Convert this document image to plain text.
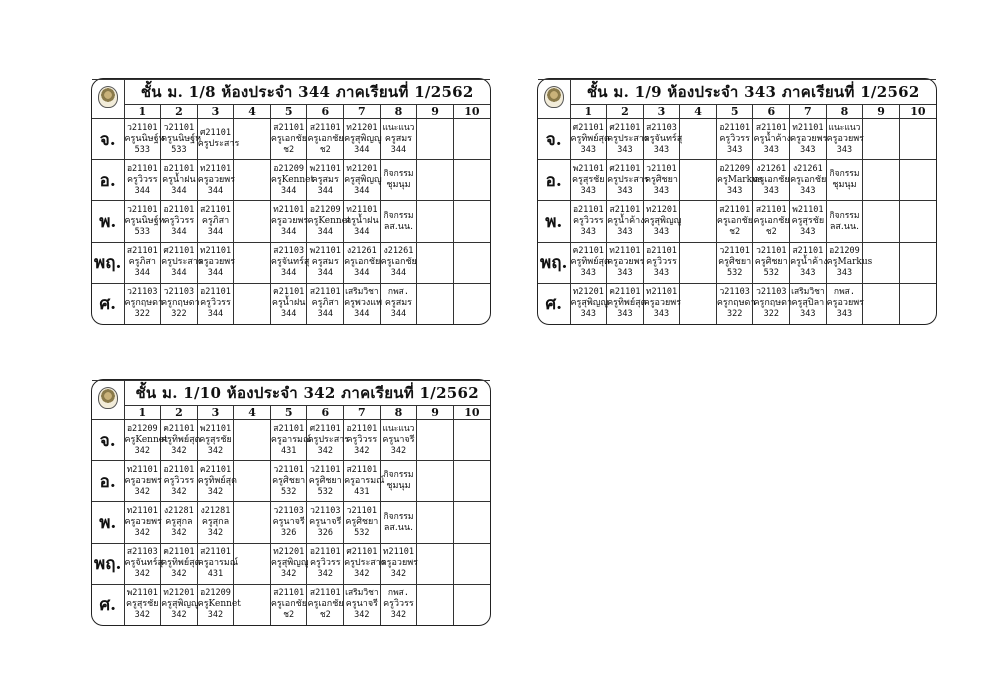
	ชั้น ม. 1/8 ห้องประจำ 344 ภาคเรียนที่ 1/2562									
	1	2	3	4	5	6	7	8	9	10
จ.	ว21101
ครูนนิษฐ์ห
533	ว21101
ครูนนิษฐ์ห
533	ศ21101
ครูประสาร		ส21101
ครูเอกชัย
ช2	ส21101
ครูเอกชัย
ช2	ท21201
ครูสุพิญญู
344	แนะแนว
ครูสมร
344		

อ.	อ21101
ครูวิวรร
344	อ21101
ครูน้ำฝน
344	ท21101
ครูอวยพร
344		อ21209
ครูKennet
344	พ21101
ครูสมร
344	ท21201
ครูสุพิญญู
344	กิจกรรม
ชุมนุม		

พ.	ว21101
ครูนนิษฐ์ห
533	อ21101
ครูวิวรร
344	ส21101
ครูภิสา
344		ท21101
ครูอวยพร
344	อ21209
ครูKennet
344	ท21101
ครูน้ำฝน
344	กิจกรรม
ลส.นน.		

พฤ.	ส21101
ครูภิสา
344	ศ21101
ครูประสาร
344	ท21101
ครูอวยพร
344		ส21103
ครูจันทร์สุ
344	พ21101
ครูสมร
344	ง21261
ครูเอกชัย
344	ง21261
ครูเอกชัย
344		

ศ.	ว21103
ครูกฤษดา
322	ว21103
ครูกฤษดา
322	อ21101
ครูวิวรร
344		ค21101
ครูน้ำฝน
344	ส21101
ครูภิสา
344	เสริมวิชา
ครูพวงแพ
344	กพส.
ครูสมร
344		

	ชั้น ม. 1/9 ห้องประจำ 343 ภาคเรียนที่ 1/2562									
	1	2	3	4	5	6	7	8	9	10
จ.	ศ21101
ครูทิพย์สุด
343	ศ21101
ครูประสาร
343	ส21103
ครูจันทร์สุ
343		อ21101
ครูวิวรร
343	ส21101
ครูน้ำค้าง
343	ท21101
ครูอวยพร
343	แนะแนว
ครูอวยพร
343		

อ.	พ21101
ครูสุรชัย
343	ศ21101
ครูประสาร
343	ว21101
ครูศิชยา
343		อ21209
ครูMarkus
343	ง21261
ครูเอกชัย
343	ง21261
ครูเอกชัย
343	กิจกรรม
ชุมนุม		

พ.	อ21101
ครูวิวรร
343	ส21101
ครูน้ำค้าง
343	ท21201
ครูสุพิญญู
343		ส21101
ครูเอกชัย
ช2	ส21101
ครูเอกชัย
ช2	พ21101
ครูสุรชัย
343	กิจกรรม
ลส.นน.		

พฤ.	ค21101
ครูทิพย์สุด
343	ท21101
ครูอวยพร
343	อ21101
ครูวิวรร
343		ว21101
ครูศิชยา
532	ว21101
ครูศิชยา
532	ส21101
ครูน้ำค้าง
343	อ21209
ครูMarkus
343		

ศ.	ท21201
ครูสุพิญญู
343	ค21101
ครูทิพย์สุด
343	ท21101
ครูอวยพร
343		ว21103
ครูกฤษดา
322	ว21103
ครูกฤษดา
322	เสริมวิชา
ครูสุปิลา
343	กพส.
ครูอวยพร
343		

	ชั้น ม. 1/10 ห้องประจำ 342 ภาคเรียนที่ 1/2562									
	1	2	3	4	5	6	7	8	9	10
จ.	อ21209
ครูKennet
342	ค21101
ครูทิพย์สุด
342	พ21101
ครูสุรชัย
342		ส21101
ครูอารมณ์
431	ศ21101
ครูประสาร
342	อ21101
ครูวิวรร
342	แนะแนว
ครูนาจรี
342		

อ.	ท21101
ครูอวยพร
342	อ21101
ครูวิวรร
342	ค21101
ครูทิพย์สุด
342		ว21101
ครูศิชยา
532	ว21101
ครูศิชยา
532	ส21101
ครูอารมณ์
431	กิจกรรม
ชุมนุม		

พ.	ท21101
ครูอวยพร
342	ง21281
ครูสุกล
342	ง21281
ครูสุกล
342		ว21103
ครูนาจรี
326	ว21103
ครูนาจรี
326	ว21101
ครูศิชยา
532	กิจกรรม
ลส.นน.		

พฤ.	ส21103
ครูจันทร์สุ
342	ค21101
ครูทิพย์สุด
342	ส21101
ครูอารมณ์
431		ท21201
ครูสุพิญญู
342	อ21101
ครูวิวรร
342	ศ21101
ครูประสาร
342	ท21101
ครูอวยพร
342		

ศ.	พ21101
ครูสุรชัย
342	ท21201
ครูสุพิญญู
342	อ21209
ครูKennet
342		ส21101
ครูเอกชัย
ช2	ส21101
ครูเอกชัย
ช2	เสริมวิชา
ครูนาจรี
342	กพส.
ครูวิวรร
342		
